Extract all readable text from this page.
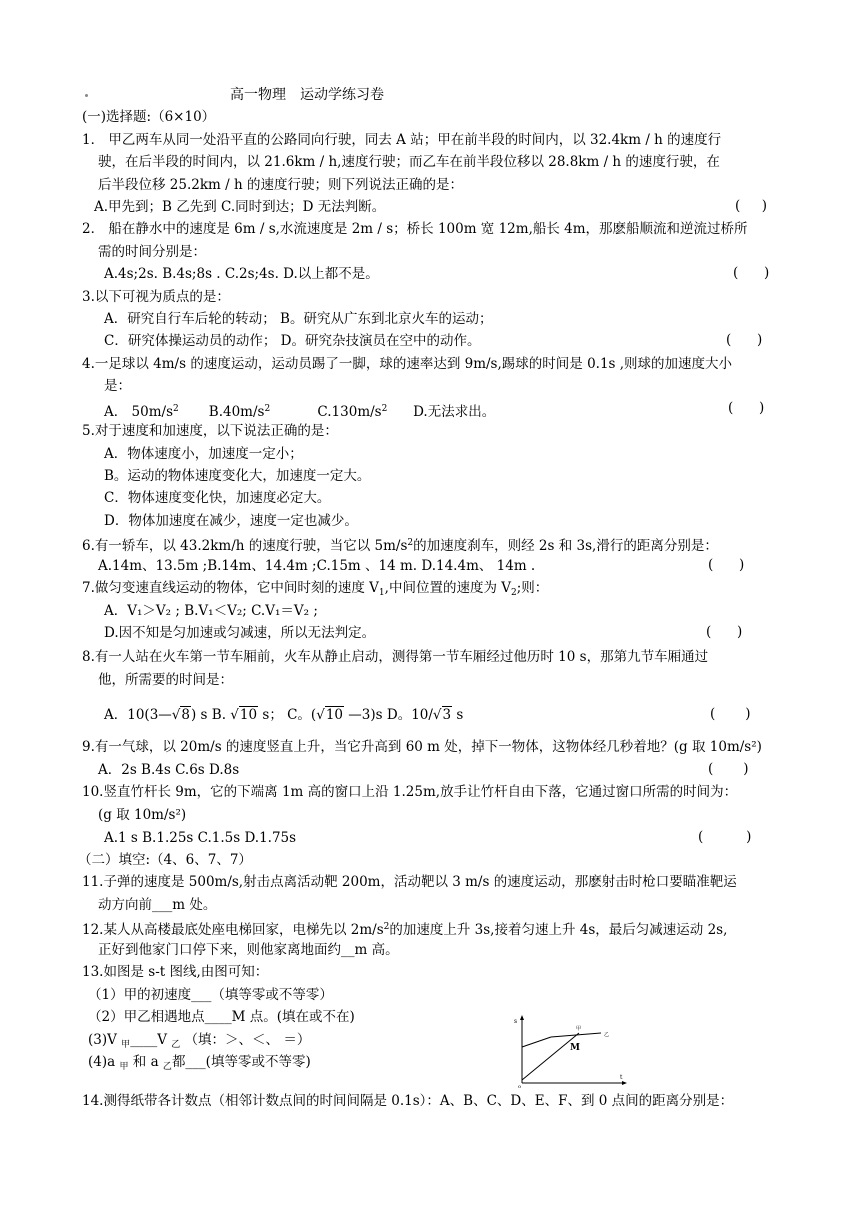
高一物理　运动学练习卷
(一)选择题:（6×10）
1． 甲乙两车从同一处沿平直的公路同向行驶，同去 A 站；甲在前半段的时间内，以 32.4km / h 的速度行
驶，在后半段的时间内，以 21.6km / h,速度行驶；而乙车在前半段位移以 28.8km / h 的速度行驶，在
后半段位移 25.2km / h 的速度行驶；则下列说法正确的是：
A.甲先到；B 乙先到 C.同时到达；D 无法判断。	(     )
2． 船在静水中的速度是 6m / s,水流速度是 2m / s；桥长 100m 宽 12m,船长 4m，那麽船顺流和逆流过桥所
需的时间分别是：
A.4s;2s. B.4s;8s . C.2s;4s. D.以上都不是。	(      )
3.以下可视为质点的是：
A．研究自行车后轮的转动； B。研究从广东到北京火车的运动；
C．研究体操运动员的动作； D。研究杂技演员在空中的动作。	(      )
4.一足球以 4m/s 的速度运动，运动员踢了一脚，球的速率达到 9m/s,踢球的时间是 0.1s ,则球的加速度大小
是：
A． $50m/s^2$ $B.40m/s^2$	$C.130m/s^2$ D.无法求出。	(      )
5.对于速度和加速度，以下说法正确的是：
A．物体速度小，加速度一定小；
B。运动的物体速度变化大，加速度一定大。
C．物体速度变化快，加速度必定大。
D．物体加速度在减少，速度一定也减少。
6.有一轿车，以 43.2km/h 的速度行驶，当它以 $5m/s^2$的加速度刹车，则经 2s 和 3s,滑行的距离分别是：
A.14m、13.5m ;B.14m、14.4m ;C.15m 、14 m. D.14.4m、 14m .	(      )
7.做匀变速直线运动的物体，它中间时刻的速度 $V_1$,中间位置的速度为 $V_2$;则：
A．V₁＞V₂ ; B.V₁＜V₂; C.V₁＝V₂ ;
D.因不知是匀加速或匀减速，所以无法判定。	(      )
8.有一人站在火车第一节车厢前，火车从静止启动，测得第一节车厢经过他历时 10 s，那第九节车厢通过
他，所需要的时间是：
A．10(3—√8) s B. √10 s； C。(√10 —3)s D。10/√3 s	(       )
9.有一气球，以 20m/s 的速度竖直上升，当它升高到 60 m 处，掉下一物体，这物体经几秒着地？(g 取 10m/s²)
A．2s B.4s C.6s D.8s	(       )
10.竖直竹杆长 9m，它的下端离 1m 高的窗口上沿 1.25m,放手让竹杆自由下落，它通过窗口所需的时间为：
(g 取 10m/s²)
A.1 s B.1.25s C.1.5s D.1.75s	(          )
（二）填空:（4、6、7、7）
11.子弹的速度是 500m/s,射击点离活动靶 200m，活动靶以 3 m/s 的速度运动，那麽射击时枪口要瞄准靶运
动方向前___m 处。
12.某人从高楼最底处座电梯回家，电梯先以 $2m/s^2$的加速度上升 3s,接着匀速上升 4s，最后匀减速运动 2s,
正好到他家门口停下来，则他家离地面约__m 高。
13.如图是 s-t 图线,由图可知：
（1）甲的初速度___（填等零或不等零）
（2）甲乙相遇地点____M 点。(填在或不在)
(3)V $_甲$____V $_乙$ （填：＞、＜、 ＝）
(4)a $_甲$ 和 a $_乙$都___(填等零或不等零)
s
t
o
甲
乙
M
14.测得纸带各计数点（相邻计数点间的时间间隔是 0.1s）：A、B、C、D、E、F、到 0 点间的距离分别是：
